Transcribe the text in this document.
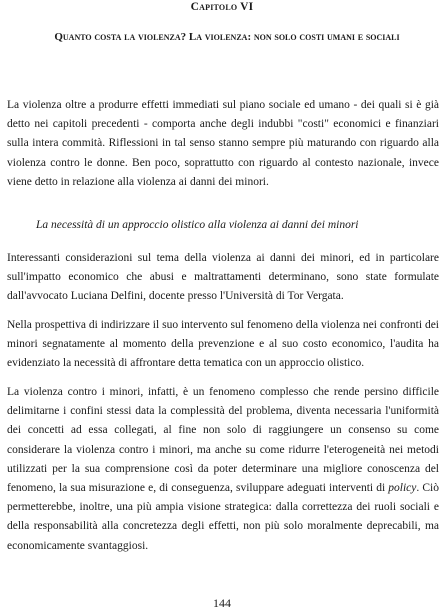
Capitolo VI
Quanto costa la violenza? La violenza: non solo costi umani e sociali

La violenza oltre a produrre effetti immediati sul piano sociale ed umano - dei quali si è già detto nei capitoli precedenti - comporta anche degli indubbi "costi" economici e finanziari sulla intera commità. Riflessioni in tal senso stanno sempre più maturando con riguardo alla violenza contro le donne. Ben poco, soprattutto con riguardo al contesto nazionale, invece viene detto in relazione alla violenza ai danni dei minori.

La necessità di un approccio olistico alla violenza ai danni dei minori

Interessanti considerazioni sul tema della violenza ai danni dei minori, ed in particolare sull'impatto economico che abusi e maltrattamenti determinano, sono state formulate dall'avvocato Luciana Delfini, docente presso l'Università di Tor Vergata.

Nella prospettiva di indirizzare il suo intervento sul fenomeno della violenza nei confronti dei minori segnatamente al momento della prevenzione e al suo costo economico, l'audita ha evidenziato la necessità di affrontare detta tematica con un approccio olistico.

La violenza contro i minori, infatti, è un fenomeno complesso che rende persino difficile delimitarne i confini stessi data la complessità del problema, diventa necessaria l'uniformità dei concetti ad essa collegati, al fine non solo di raggiungere un consenso su come considerare la violenza contro i minori, ma anche su come ridurre l'eterogeneità nei metodi utilizzati per la sua comprensione così da poter determinare una migliore conoscenza del fenomeno, la sua misurazione e, di conseguenza, sviluppare adeguati interventi di policy. Ciò permetterebbe, inoltre, una più ampia visione strategica: dalla correttezza dei ruoli sociali e della responsabilità alla concretezza degli effetti, non più solo moralmente deprecabili, ma economicamente svantaggiosi.

144
